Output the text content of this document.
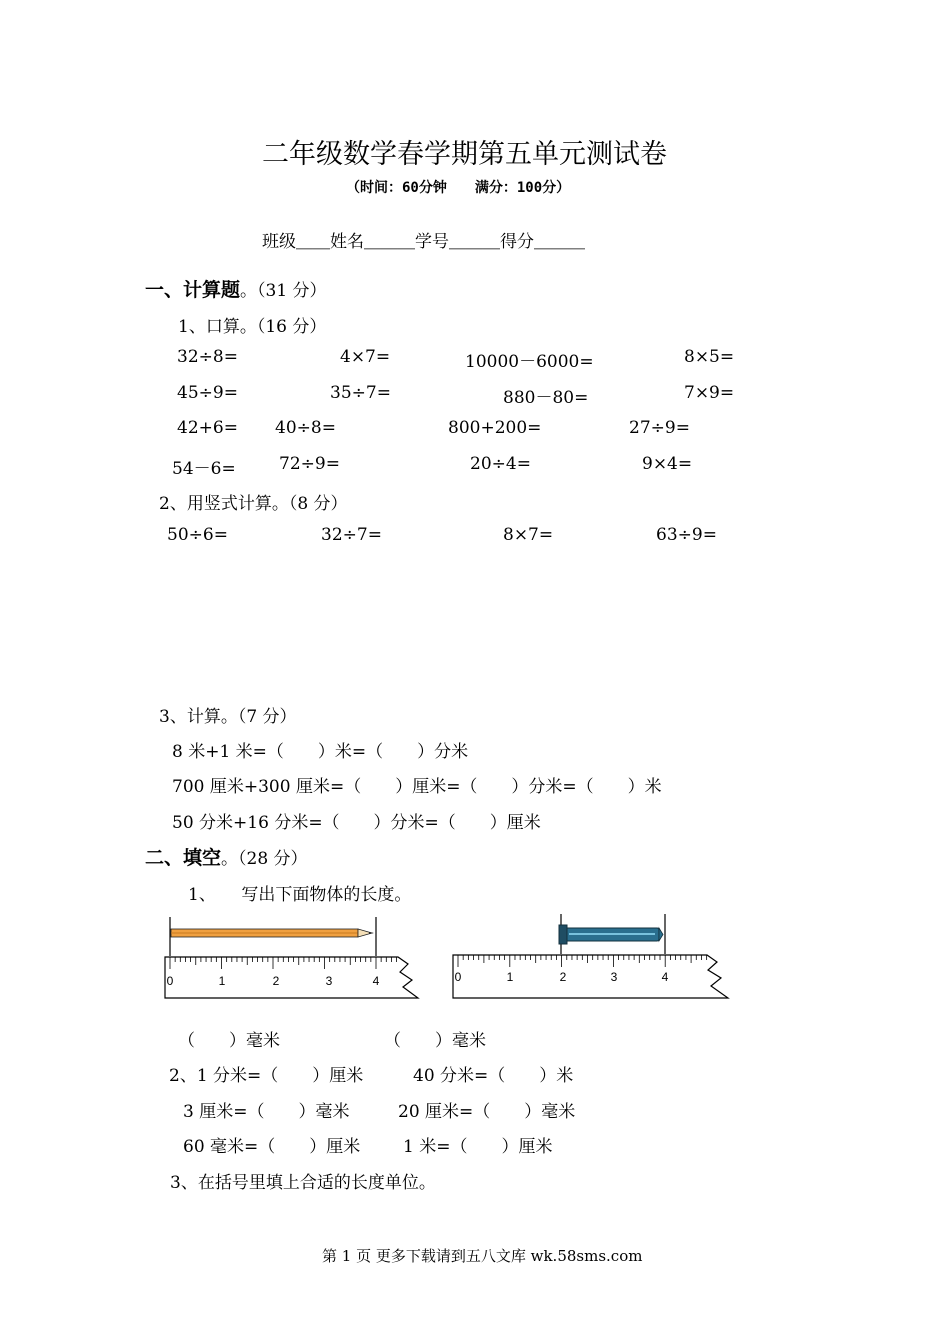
二年级数学春学期第五单元测试卷
（时间：60分钟　　满分：100分）
班级＿＿姓名＿＿＿学号＿＿＿得分＿＿＿
一、计算题。（31 分）
1、口算。（16 分）
32÷8=	4×7=	10000－6000=	8×5=
45÷9=	35÷7=	880－80=	7×9=
42+6= 40÷8=	800+200=	27÷9=
54－6=	72÷9=	20÷4=	9×4=
2、用竖式计算。（8 分）
50÷6=	32÷7=	8×7=	63÷9=
3、计算。（7 分）
8 米+1 米=（　　）米=（　　）分米
700 厘米+300 厘米=（　　）厘米=（　　）分米=（　　）米
50 分米+16 分米=（　　）分米=（　　）厘米
二、填空。（28 分）
1、　　写出下面物体的长度。
0	1	2	3	4	0	1	2	3	4
（　　）毫米	（　　）毫米
2、1 分米=（　　）厘米	40 分米=（　　）米
3 厘米=（　　）毫米	20 厘米=（　　）毫米
60 毫米=（　　）厘米	1 米=（　　）厘米
3、在括号里填上合适的长度单位。
第 1 页 更多下载请到五八文库 wk.58sms.com
